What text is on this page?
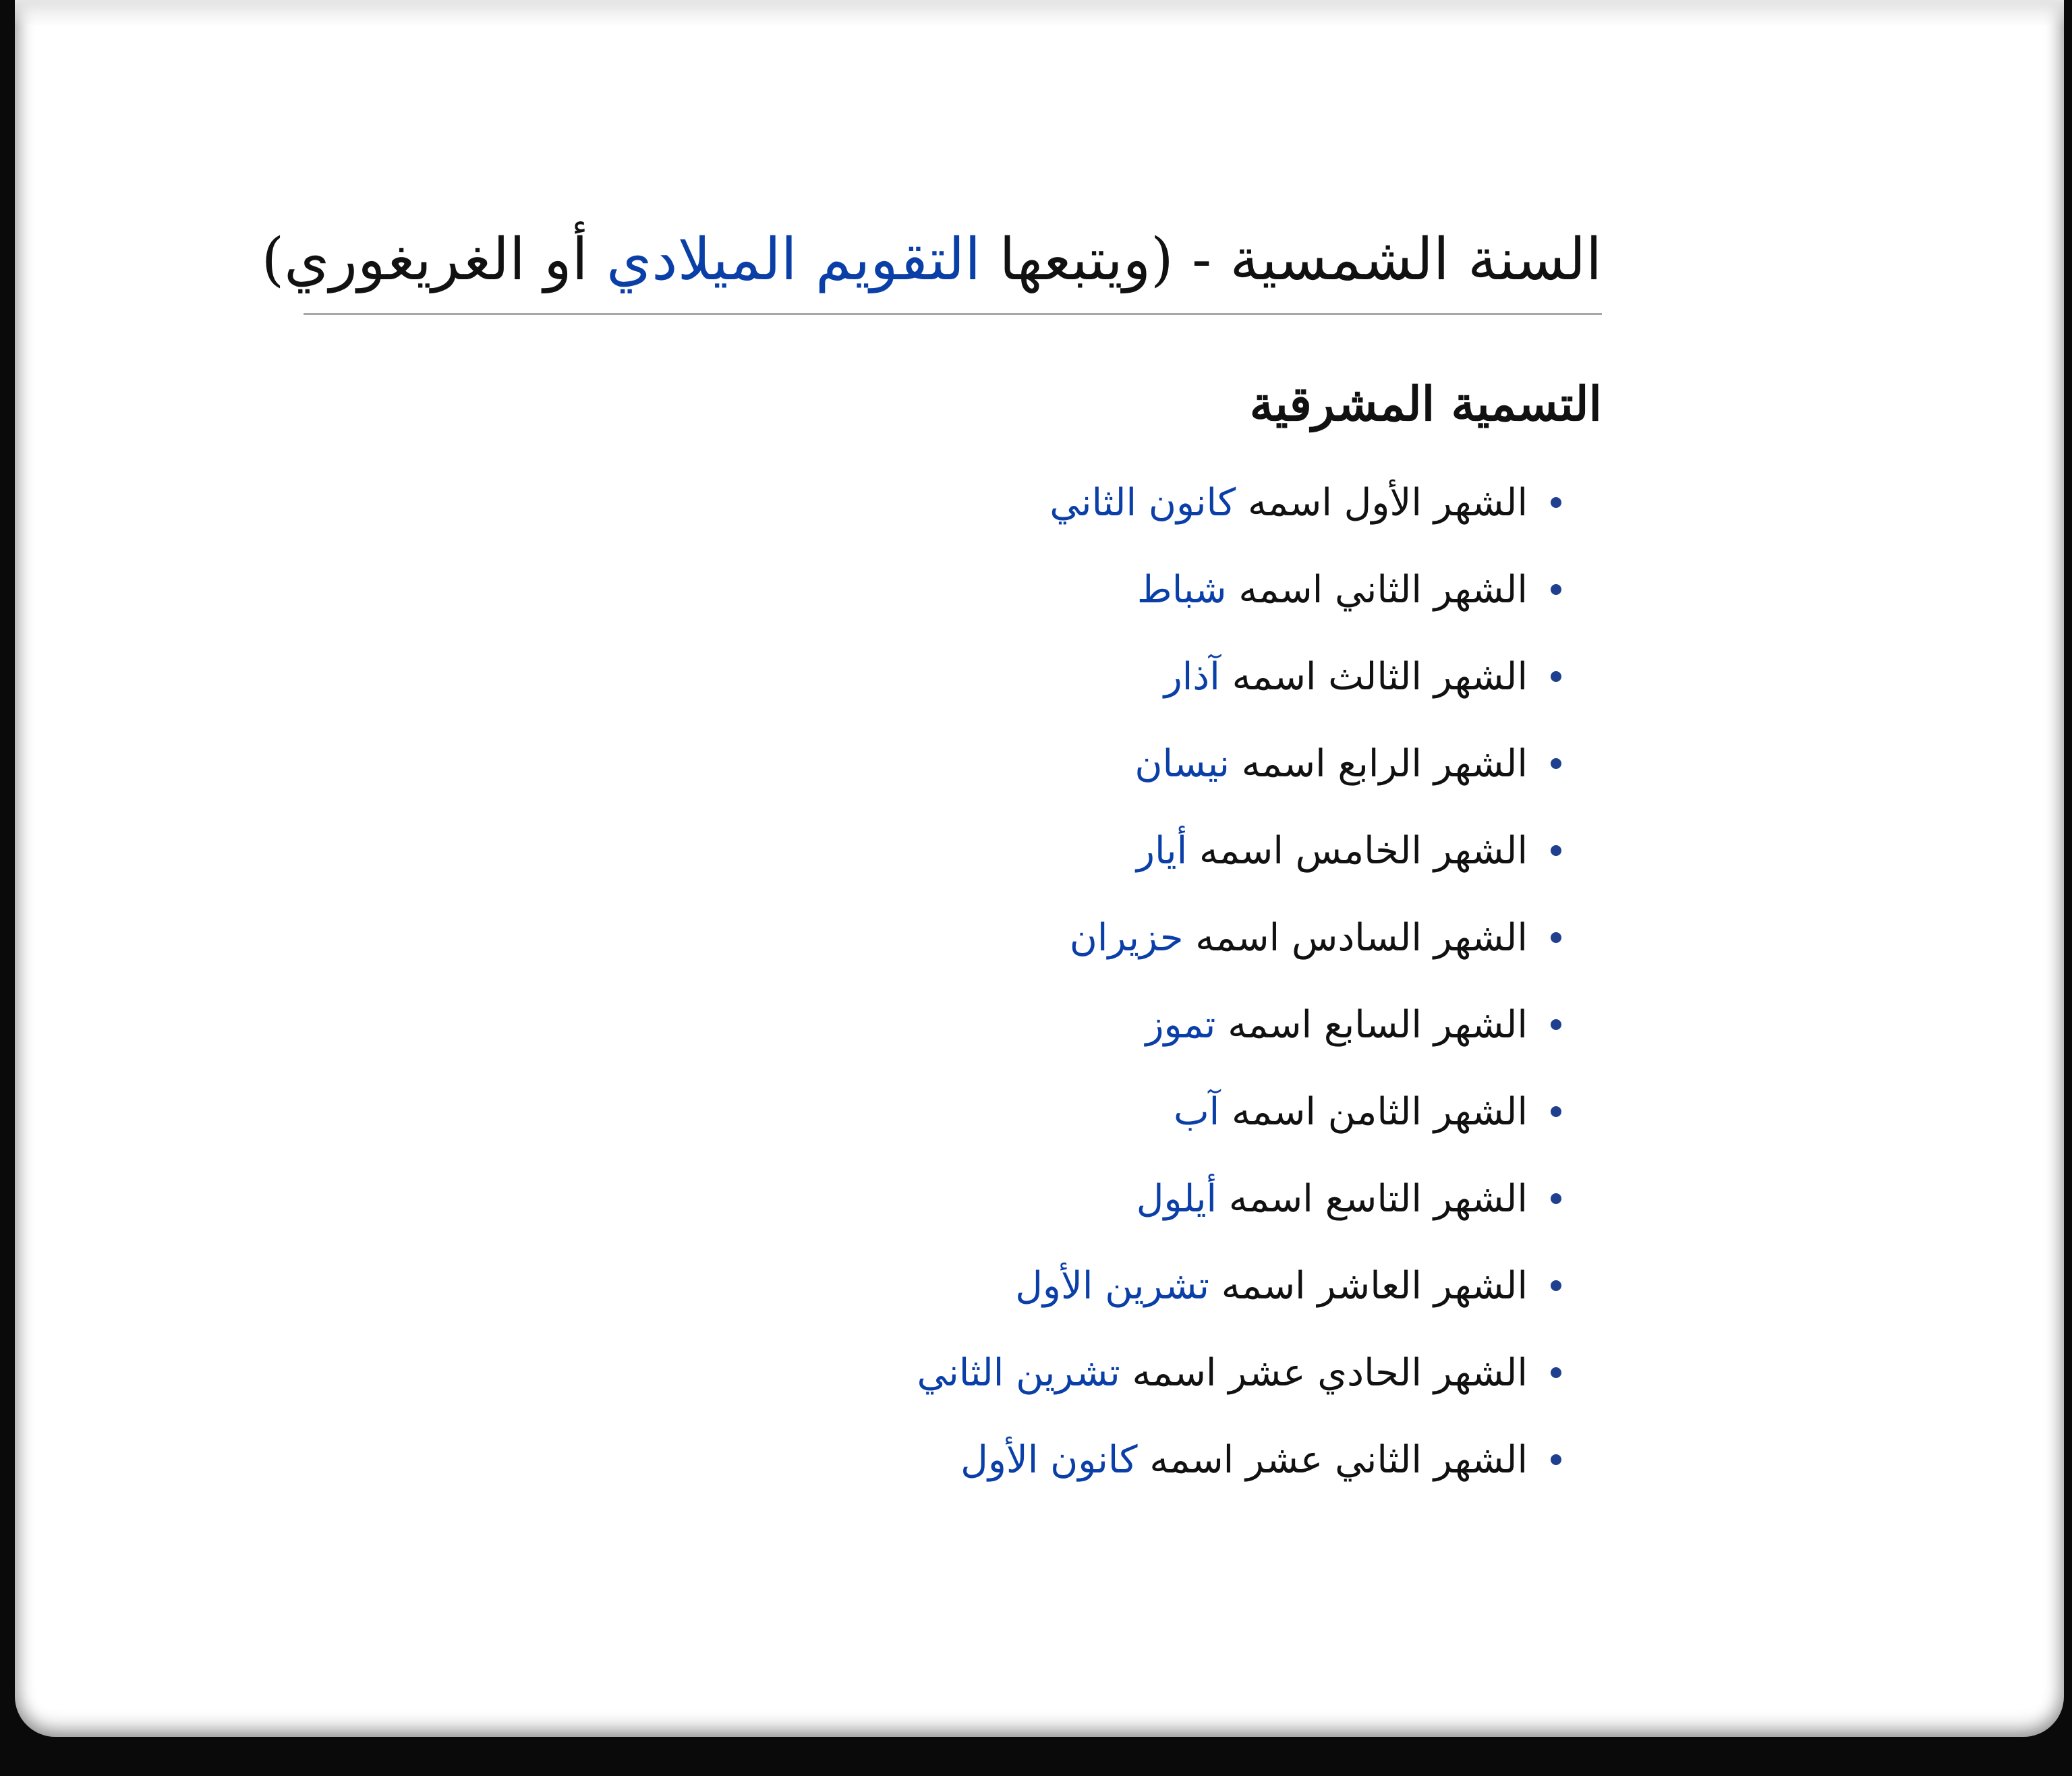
السنة الشمسية - (ويتبعها التقويم الميلادي أو الغريغوري)
التسمية المشرقية
الشهر الأول اسمه كانون الثاني
الشهر الثاني اسمه شباط
الشهر الثالث اسمه آذار
الشهر الرابع اسمه نيسان
الشهر الخامس اسمه أيار
الشهر السادس اسمه حزيران
الشهر السابع اسمه تموز
الشهر الثامن اسمه آب
الشهر التاسع اسمه أيلول
الشهر العاشر اسمه تشرين الأول
الشهر الحادي عشر اسمه تشرين الثاني
الشهر الثاني عشر اسمه كانون الأول
